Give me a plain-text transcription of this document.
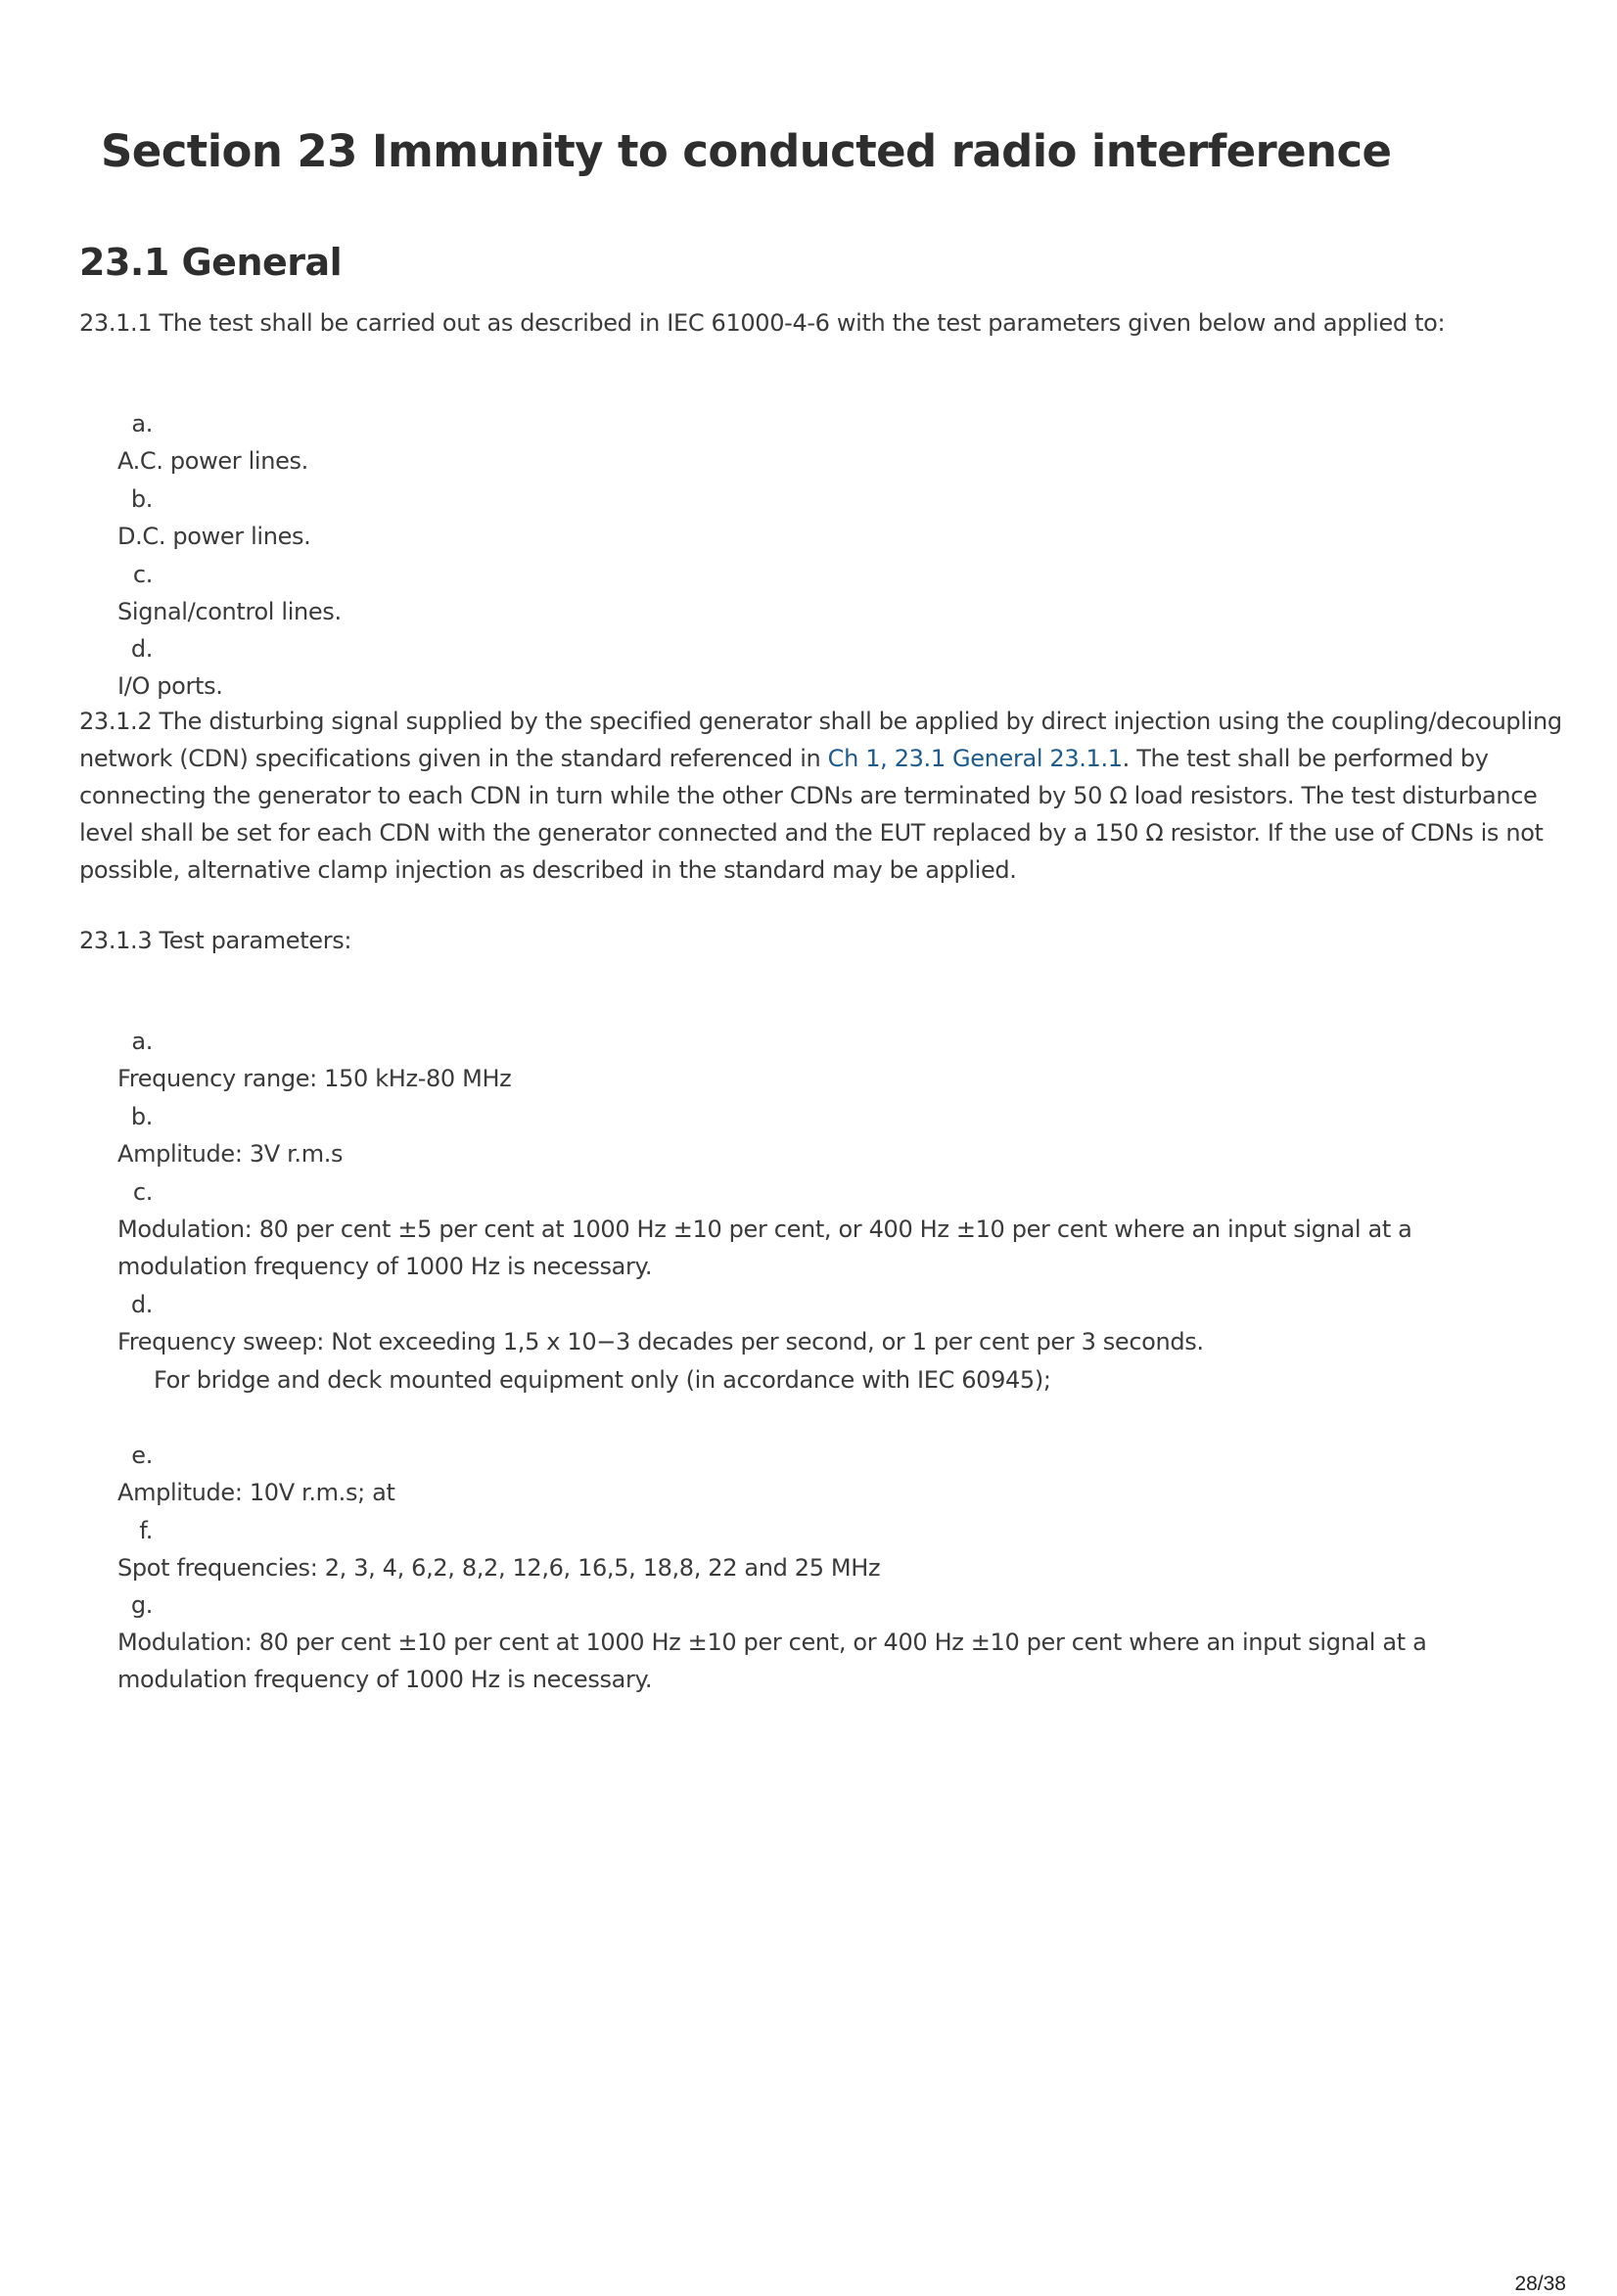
Section 23 Immunity to conducted radio interference
23.1 General

23.1.1 The test shall be carried out as described in IEC 61000-4-6 with the test parameters given below and applied to:

a. A.C. power lines.
b. D.C. power lines.
c. Signal/control lines.
d. I/O ports.

23.1.2 The disturbing signal supplied by the specified generator shall be applied by direct injection using the coupling/decoupling network (CDN) specifications given in the standard referenced in Ch 1, 23.1 General 23.1.1. The test shall be performed by connecting the generator to each CDN in turn while the other CDNs are terminated by 50 Ω load resistors. The test disturbance level shall be set for each CDN with the generator connected and the EUT replaced by a 150 Ω resistor. If the use of CDNs is not possible, alternative clamp injection as described in the standard may be applied.

23.1.3 Test parameters:

a. Frequency range: 150 kHz-80 MHz
b. Amplitude: 3V r.m.s
c. Modulation: 80 per cent ±5 per cent at 1000 Hz ±10 per cent, or 400 Hz ±10 per cent where an input signal at a modulation frequency of 1000 Hz is necessary.
d. Frequency sweep: Not exceeding 1,5 x 10−3 decades per second, or 1 per cent per 3 seconds.

For bridge and deck mounted equipment only (in accordance with IEC 60945);

e. Amplitude: 10V r.m.s; at
f. Spot frequencies: 2, 3, 4, 6,2, 8,2, 12,6, 16,5, 18,8, 22 and 25 MHz
g. Modulation: 80 per cent ±10 per cent at 1000 Hz ±10 per cent, or 400 Hz ±10 per cent where an input signal at a modulation frequency of 1000 Hz is necessary.
28/38
